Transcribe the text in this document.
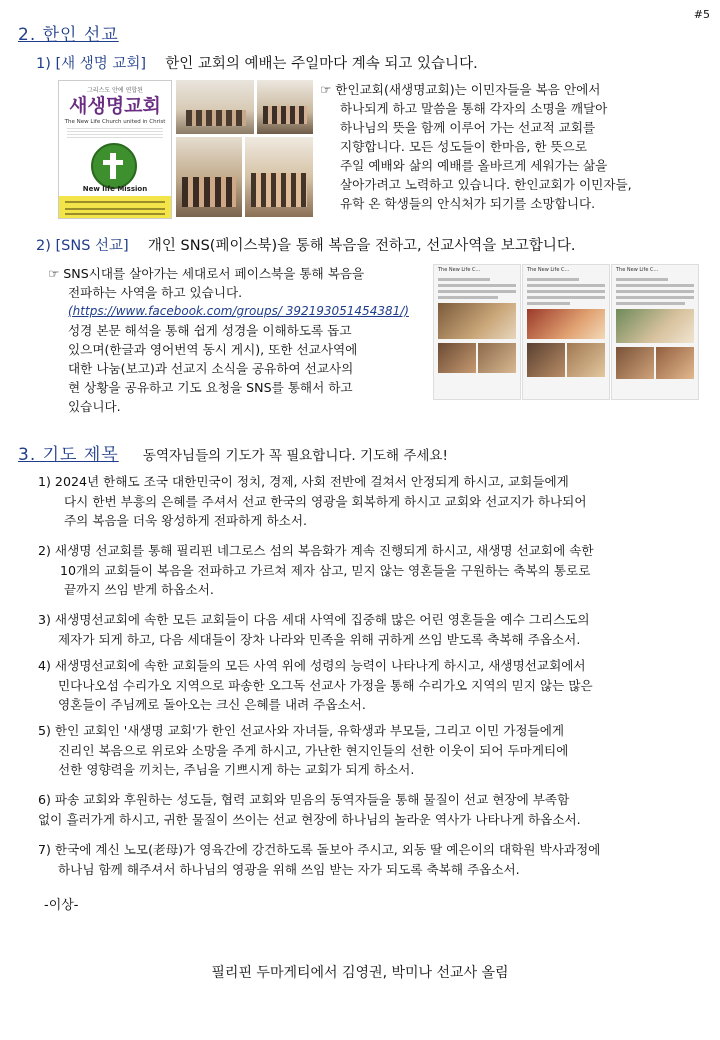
#5
2. 한인 선교
1) [새 생명 교회] 한인 교회의 예배는 주일마다 계속 되고 있습니다.
그리스도 안에 연합된
새생명교회
The New Life Church united in Christ
New life Mission
☞ 한인교회(새생명교회)는 이민자들을 복음 안에서
하나되게 하고 말씀을 통해 각자의 소명을 깨달아
하나님의 뜻을 함께 이루어 가는 선교적 교회를
지향합니다. 모든 성도들이 한마음, 한 뜻으로
주일 예배와 삶의 예배를 올바르게 세워가는 삶을
살아가려고 노력하고 있습니다. 한인교회가 이민자들,
유학 온 학생들의 안식처가 되기를 소망합니다.
2) [SNS 선교] 개인 SNS(페이스북)을 통해 복음을 전하고, 선교사역을 보고합니다.
☞ SNS시대를 살아가는 세대로서 페이스북을 통해 복음을
전파하는 사역을 하고 있습니다.
(https://www.facebook.com/groups/ 392193051454381/)
성경 본문 해석을 통해 쉽게 성경을 이해하도록 돕고
있으며(한글과 영어번역 동시 게시), 또한 선교사역에
대한 나눔(보고)과 선교지 소식을 공유하여 선교사의
현 상황을 공유하고 기도 요청을 SNS를 통해서 하고
있습니다.
The New Life C...	The New Life C...	The New Life C...
3. 기도 제목 동역자님들의 기도가 꼭 필요합니다. 기도해 주세요!
1) 2024년 한해도 조국 대한민국이 정치, 경제, 사회 전반에 걸쳐서 안정되게 하시고, 교회들에게
다시 한번 부흥의 은혜를 주셔서 선교 한국의 영광을 회복하게 하시고 교회와 선교지가 하나되어
주의 복음을 더욱 왕성하게 전파하게 하소서.
2) 새생명 선교회를 통해 필리핀 네그로스 섬의 복음화가 계속 진행되게 하시고, 새생명 선교회에 속한
10개의 교회들이 복음을 전파하고 가르쳐 제자 삼고, 믿지 않는 영혼들을 구원하는 축복의 통로로
끝까지 쓰임 받게 하옵소서.
3) 새생명선교회에 속한 모든 교회들이 다음 세대 사역에 집중해 많은 어린 영혼들을 예수 그리스도의
제자가 되게 하고, 다음 세대들이 장차 나라와 민족을 위해 귀하게 쓰임 받도록 축복해 주옵소서.
4) 새생명선교회에 속한 교회들의 모든 사역 위에 성령의 능력이 나타나게 하시고, 새생명선교회에서
민다나오섬 수리가오 지역으로 파송한 오그독 선교사 가정을 통해 수리가오 지역의 믿지 않는 많은
영혼들이 주님께로 돌아오는 크신 은혜를 내려 주옵소서.
5) 한인 교회인 '새생명 교회'가 한인 선교사와 자녀들, 유학생과 부모들, 그리고 이민 가정들에게
진리인 복음으로 위로와 소망을 주게 하시고, 가난한 현지인들의 선한 이웃이 되어 두마게티에
선한 영향력을 끼치는, 주님을 기쁘시게 하는 교회가 되게 하소서.
6) 파송 교회와 후원하는 성도들, 협력 교회와 믿음의 동역자들을 통해 물질이 선교 현장에 부족함
없이 흘러가게 하시고, 귀한 물질이 쓰이는 선교 현장에 하나님의 놀라운 역사가 나타나게 하옵소서.
7) 한국에 계신 노모(老母)가 영육간에 강건하도록 돌보아 주시고, 외동 딸 예은이의 대학원 박사과정에
하나님 함께 해주셔서 하나님의 영광을 위해 쓰임 받는 자가 되도록 축복해 주옵소서.
-이상-
필리핀 두마게티에서 김영권, 박미나 선교사 올림
